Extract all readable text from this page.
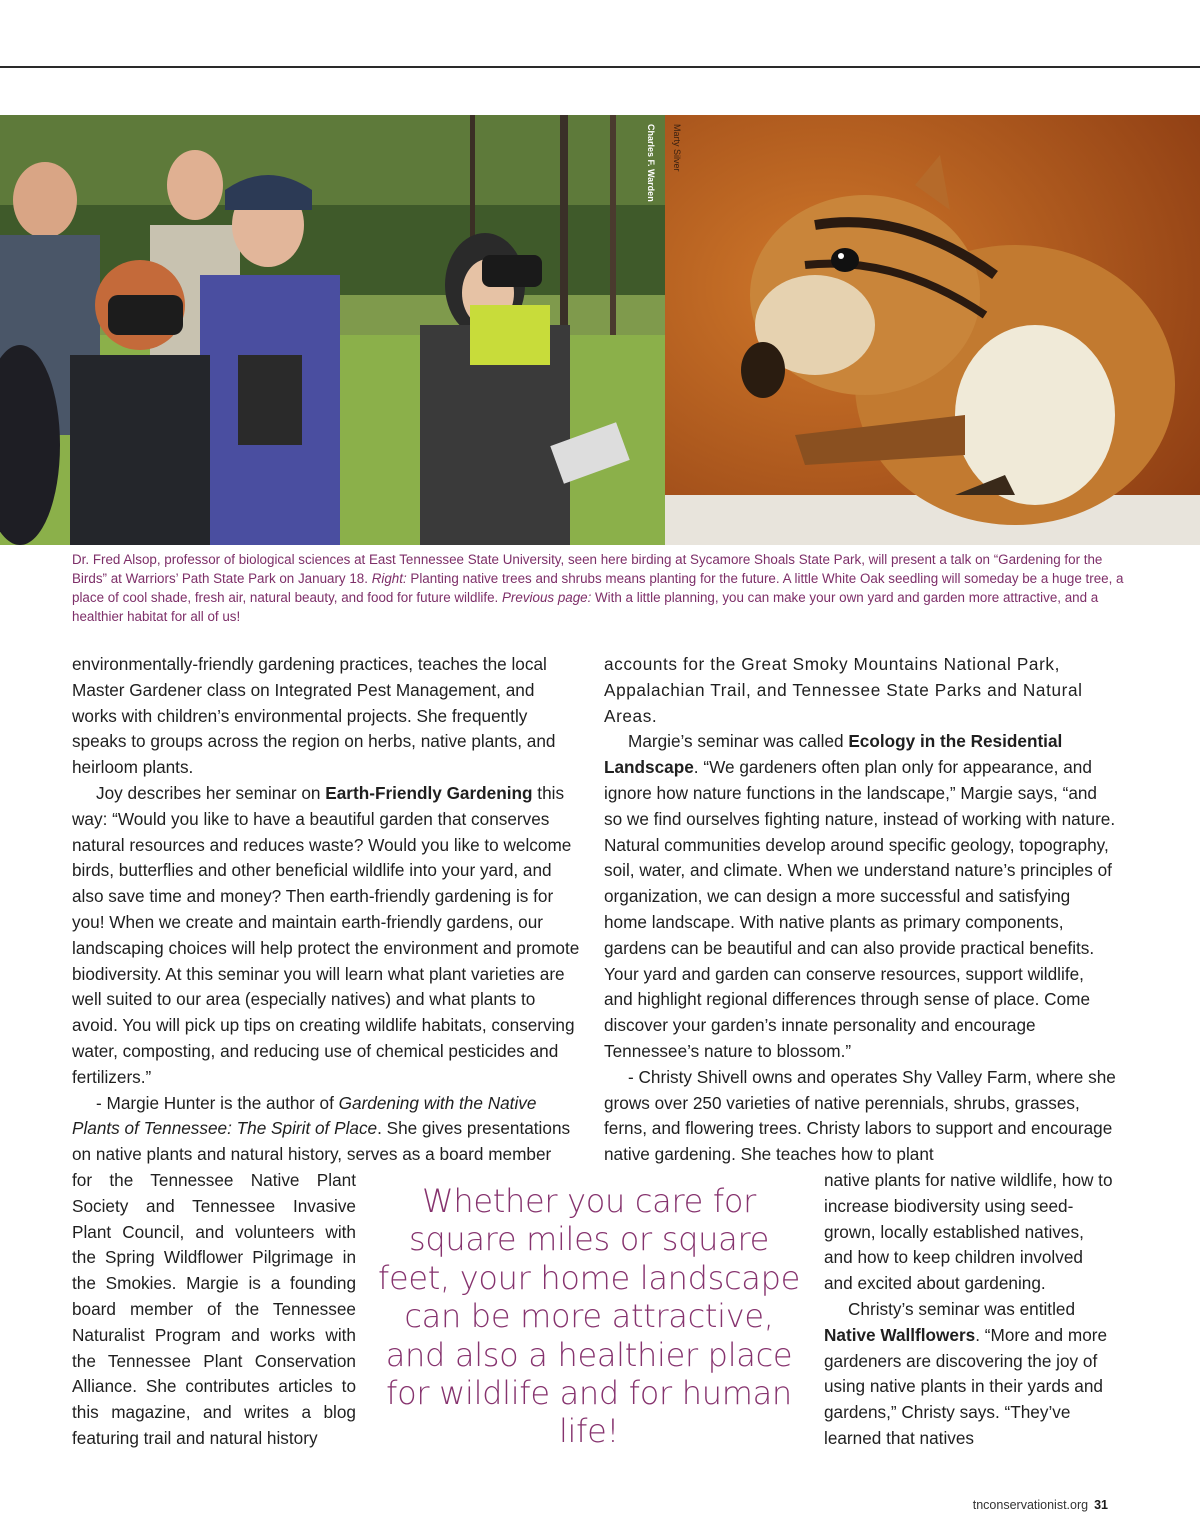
Charles F. Warden Marty Silver

Dr. Fred Alsop, professor of biological sciences at East Tennessee State University, seen here birding at Sycamore Shoals State Park, will present a talk on “Gardening for the Birds” at Warriors’ Path State Park on January 18. Right: Planting native trees and shrubs means planting for the future. A little White Oak seedling will someday be a huge tree, a place of cool shade, fresh air, natural beauty, and food for future wildlife. Previous page: With a little planning, you can make your own yard and garden more attractive, and a healthier habitat for all of us!

environmentally-friendly gardening practices, teaches the local Master Gardener class on Integrated Pest Management, and works with children’s environmental projects. She frequently speaks to groups across the region on herbs, native plants, and heirloom plants.

Joy describes her seminar on Earth-Friendly Gardening this way: “Would you like to have a beautiful garden that conserves natural resources and reduces waste? Would you like to welcome birds, butterflies and other beneficial wildlife into your yard, and also save time and money? Then earth-friendly gardening is for you! When we create and maintain earth-friendly gardens, our landscaping choices will help protect the environment and promote biodiversity. At this seminar you will learn what plant varieties are well suited to our area (especially natives) and what plants to avoid. You will pick up tips on creating wildlife habitats, conserving water, composting, and reducing use of chemical pesticides and fertilizers.”

- Margie Hunter is the author of Gardening with the Native Plants of Tennessee: The Spirit of Place. She gives presentations on native plants and natural history, serves as a board member

for the Tennessee Native Plant Society and Tennessee Invasive Plant Council, and volunteers with the Spring Wildflower Pilgrimage in the Smokies. Margie is a founding board member of the Tennessee Naturalist Program and works with the Tennessee Plant Conservation Alliance. She contributes articles to this magazine, and writes a blog featuring trail and natural history

accounts for the Great Smoky Mountains National Park, Appalachian Trail, and Tennessee State Parks and Natural Areas.

Margie’s seminar was called Ecology in the Residential Landscape. “We gardeners often plan only for appearance, and ignore how nature functions in the landscape,” Margie says, “and so we find ourselves fighting nature, instead of working with nature. Natural communities develop around specific geology, topography, soil, water, and climate. When we understand nature’s principles of organization, we can design a more successful and satisfying home landscape. With native plants as primary components, gardens can be beautiful and can also provide practical benefits. Your yard and garden can conserve resources, support wildlife, and highlight regional differences through sense of place. Come discover your garden’s innate personality and encourage Tennessee’s nature to blossom.”

- Christy Shivell owns and operates Shy Valley Farm, where she grows over 250 varieties of native perennials, shrubs, grasses, ferns, and flowering trees. Christy labors to support and encourage native gardening. She teaches how to plant

native plants for native wildlife, how to increase biodiversity using seed-grown, locally established natives, and how to keep children involved and excited about gardening.

Christy’s seminar was entitled Native Wallflowers. “More and more gardeners are discovering the joy of using native plants in their yards and gardens,” Christy says. “They’ve learned that natives

Whether you care for square miles or square feet, your home landscape can be more attractive, and also a healthier place for wildlife and for human life!
tnconservationist.org 31
